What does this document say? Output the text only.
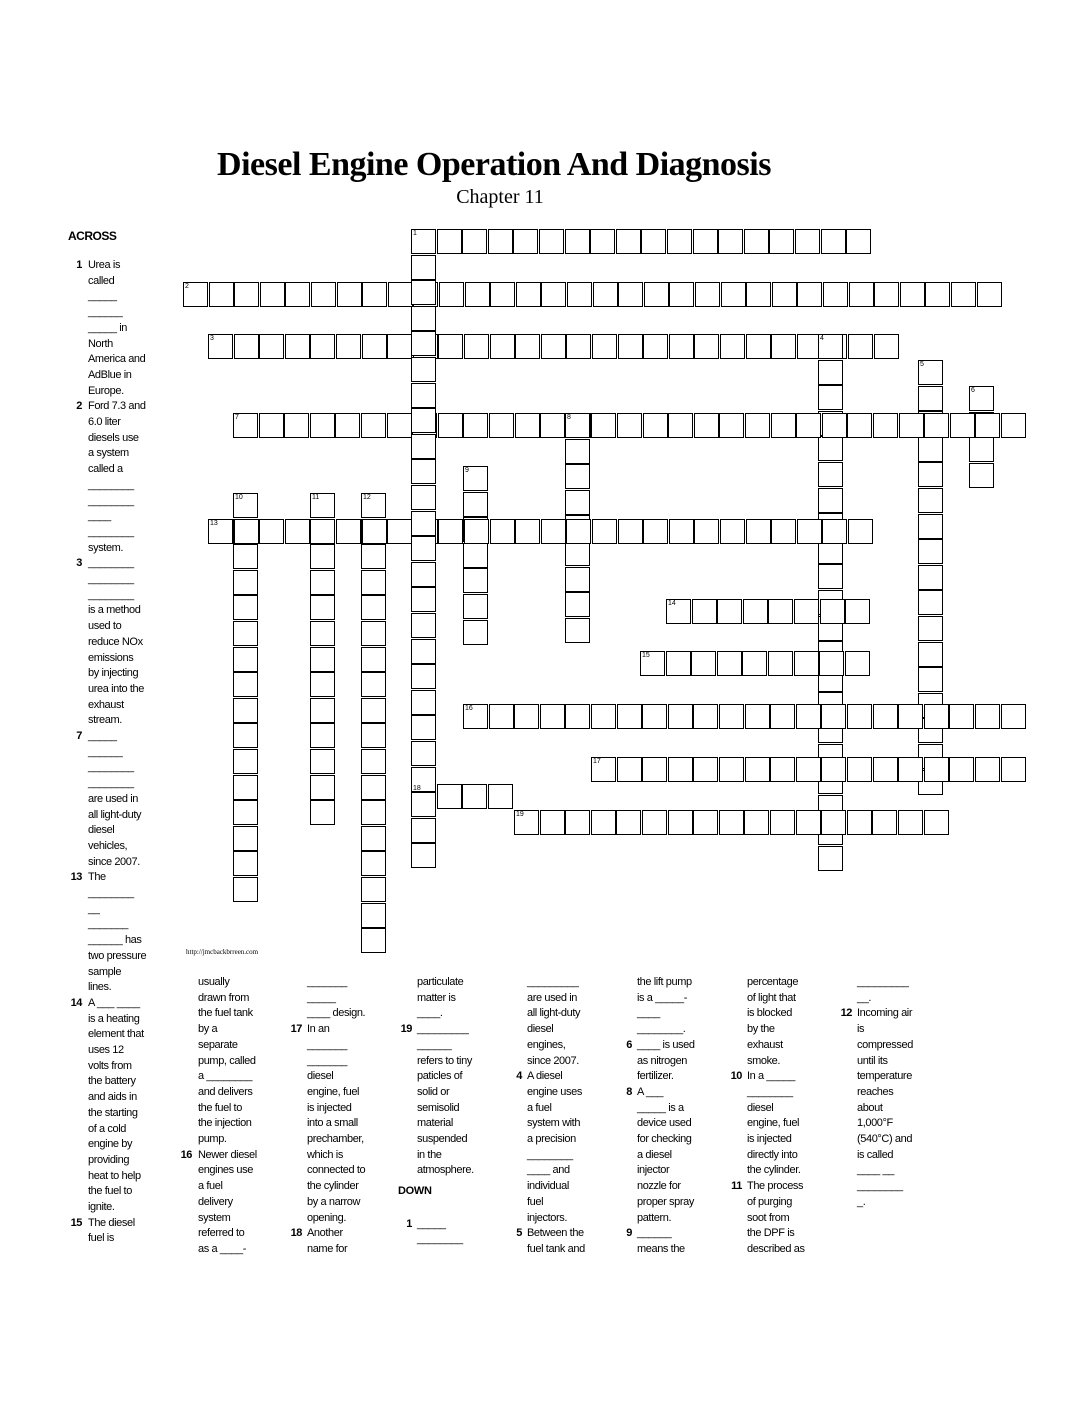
Diesel Engine Operation And Diagnosis
Chapter 11
ACROSS	1
2
3	4
5
6
7	8
9
10	11	12
13
14
15
16
17
18
19
http://jmcbackbrreen.com
1 Urea is
called
_____
______
_____ in
North
America and
AdBlue in
Europe.
2 Ford 7.3 and
6.0 liter
diesels use
a system
called a
________
________
____
________
system.
3 ________
________
________
is a method
used to
reduce NOx
emissions
by injecting
urea into the
exhaust
stream.
7 _____
______
________
________
are used in
all light-duty
diesel
vehicles,
since 2007.
13 The
________
__
_______
______ has
two pressure
sample
lines.
14 A ___ ____
is a heating
element that
uses 12
volts from
the battery
and aids in
the starting
of a cold
engine by
providing
heat to help
the fuel to
ignite.
15 The diesel
fuel is
usually
drawn from
the fuel tank
by a
separate
pump, called
a ________
and delivers
the fuel to
the injection
pump.
16 Newer diesel
engines use
a fuel
delivery
system
referred to
as a ____-
_______
_____
____ design.
17 In an
_______
_______
diesel
engine, fuel
is injected
into a small
prechamber,
which is
connected to
the cylinder
by a narrow
opening.
18 Another
name for
particulate
matter is
____.
19 _________
______
refers to tiny
paticles of
solid or
semisolid
material
suspended
in the
atmosphere.
DOWN
1 _____
________
_________
are used in
all light-duty
diesel
engines,
since 2007.
4 A diesel
engine uses
a fuel
system with
a precision
________
____ and
individual
fuel
injectors.
5 Between the
fuel tank and
the lift pump
is a _____-
____
________.
6 ____ is used
as nitrogen
fertilizer.
8 A ___
_____ is a
device used
for checking
a diesel
injector
nozzle for
proper spray
pattern.
9 ______
means the
percentage
of light that
is blocked
by the
exhaust
smoke.
10 In a _____
________
diesel
engine, fuel
is injected
directly into
the cylinder.
11 The process
of purging
soot from
the DPF is
described as
_________
__.
12 Incoming air
is
compressed
until its
temperature
reaches
about
1,000°F
(540°C) and
is called
____ __
________
_.
